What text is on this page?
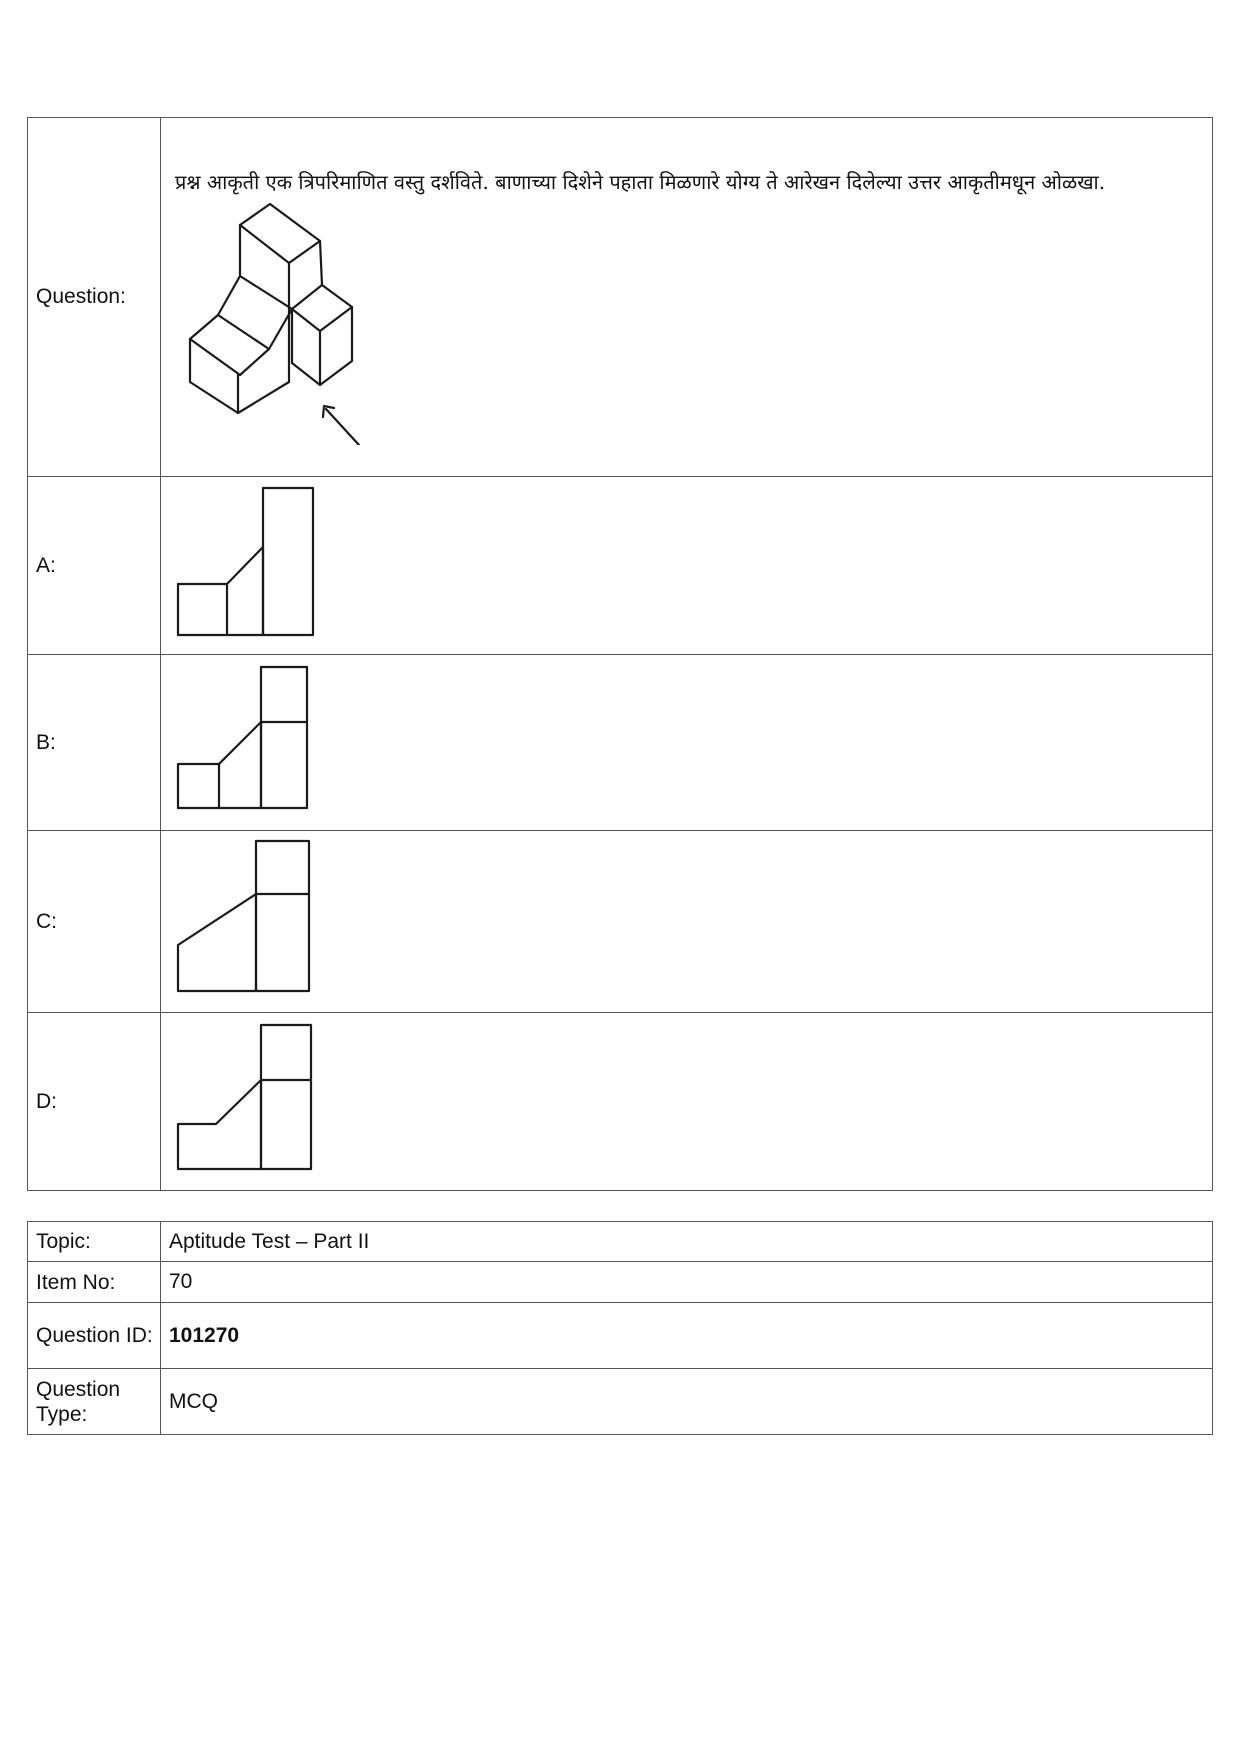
Question:	प्रश्न आकृती एक त्रिपरिमाणित वस्तु दर्शविते. बाणाच्या दिशेने पहाता मिळणारे योग्य ते आरेखन दिलेल्या उत्तर आकृतीमधून ओळखा.

A:	

B:	

C:	

D:	
Topic:	Aptitude Test – Part II
Item No:	70
Question ID:	101270
Question Type:	MCQ
